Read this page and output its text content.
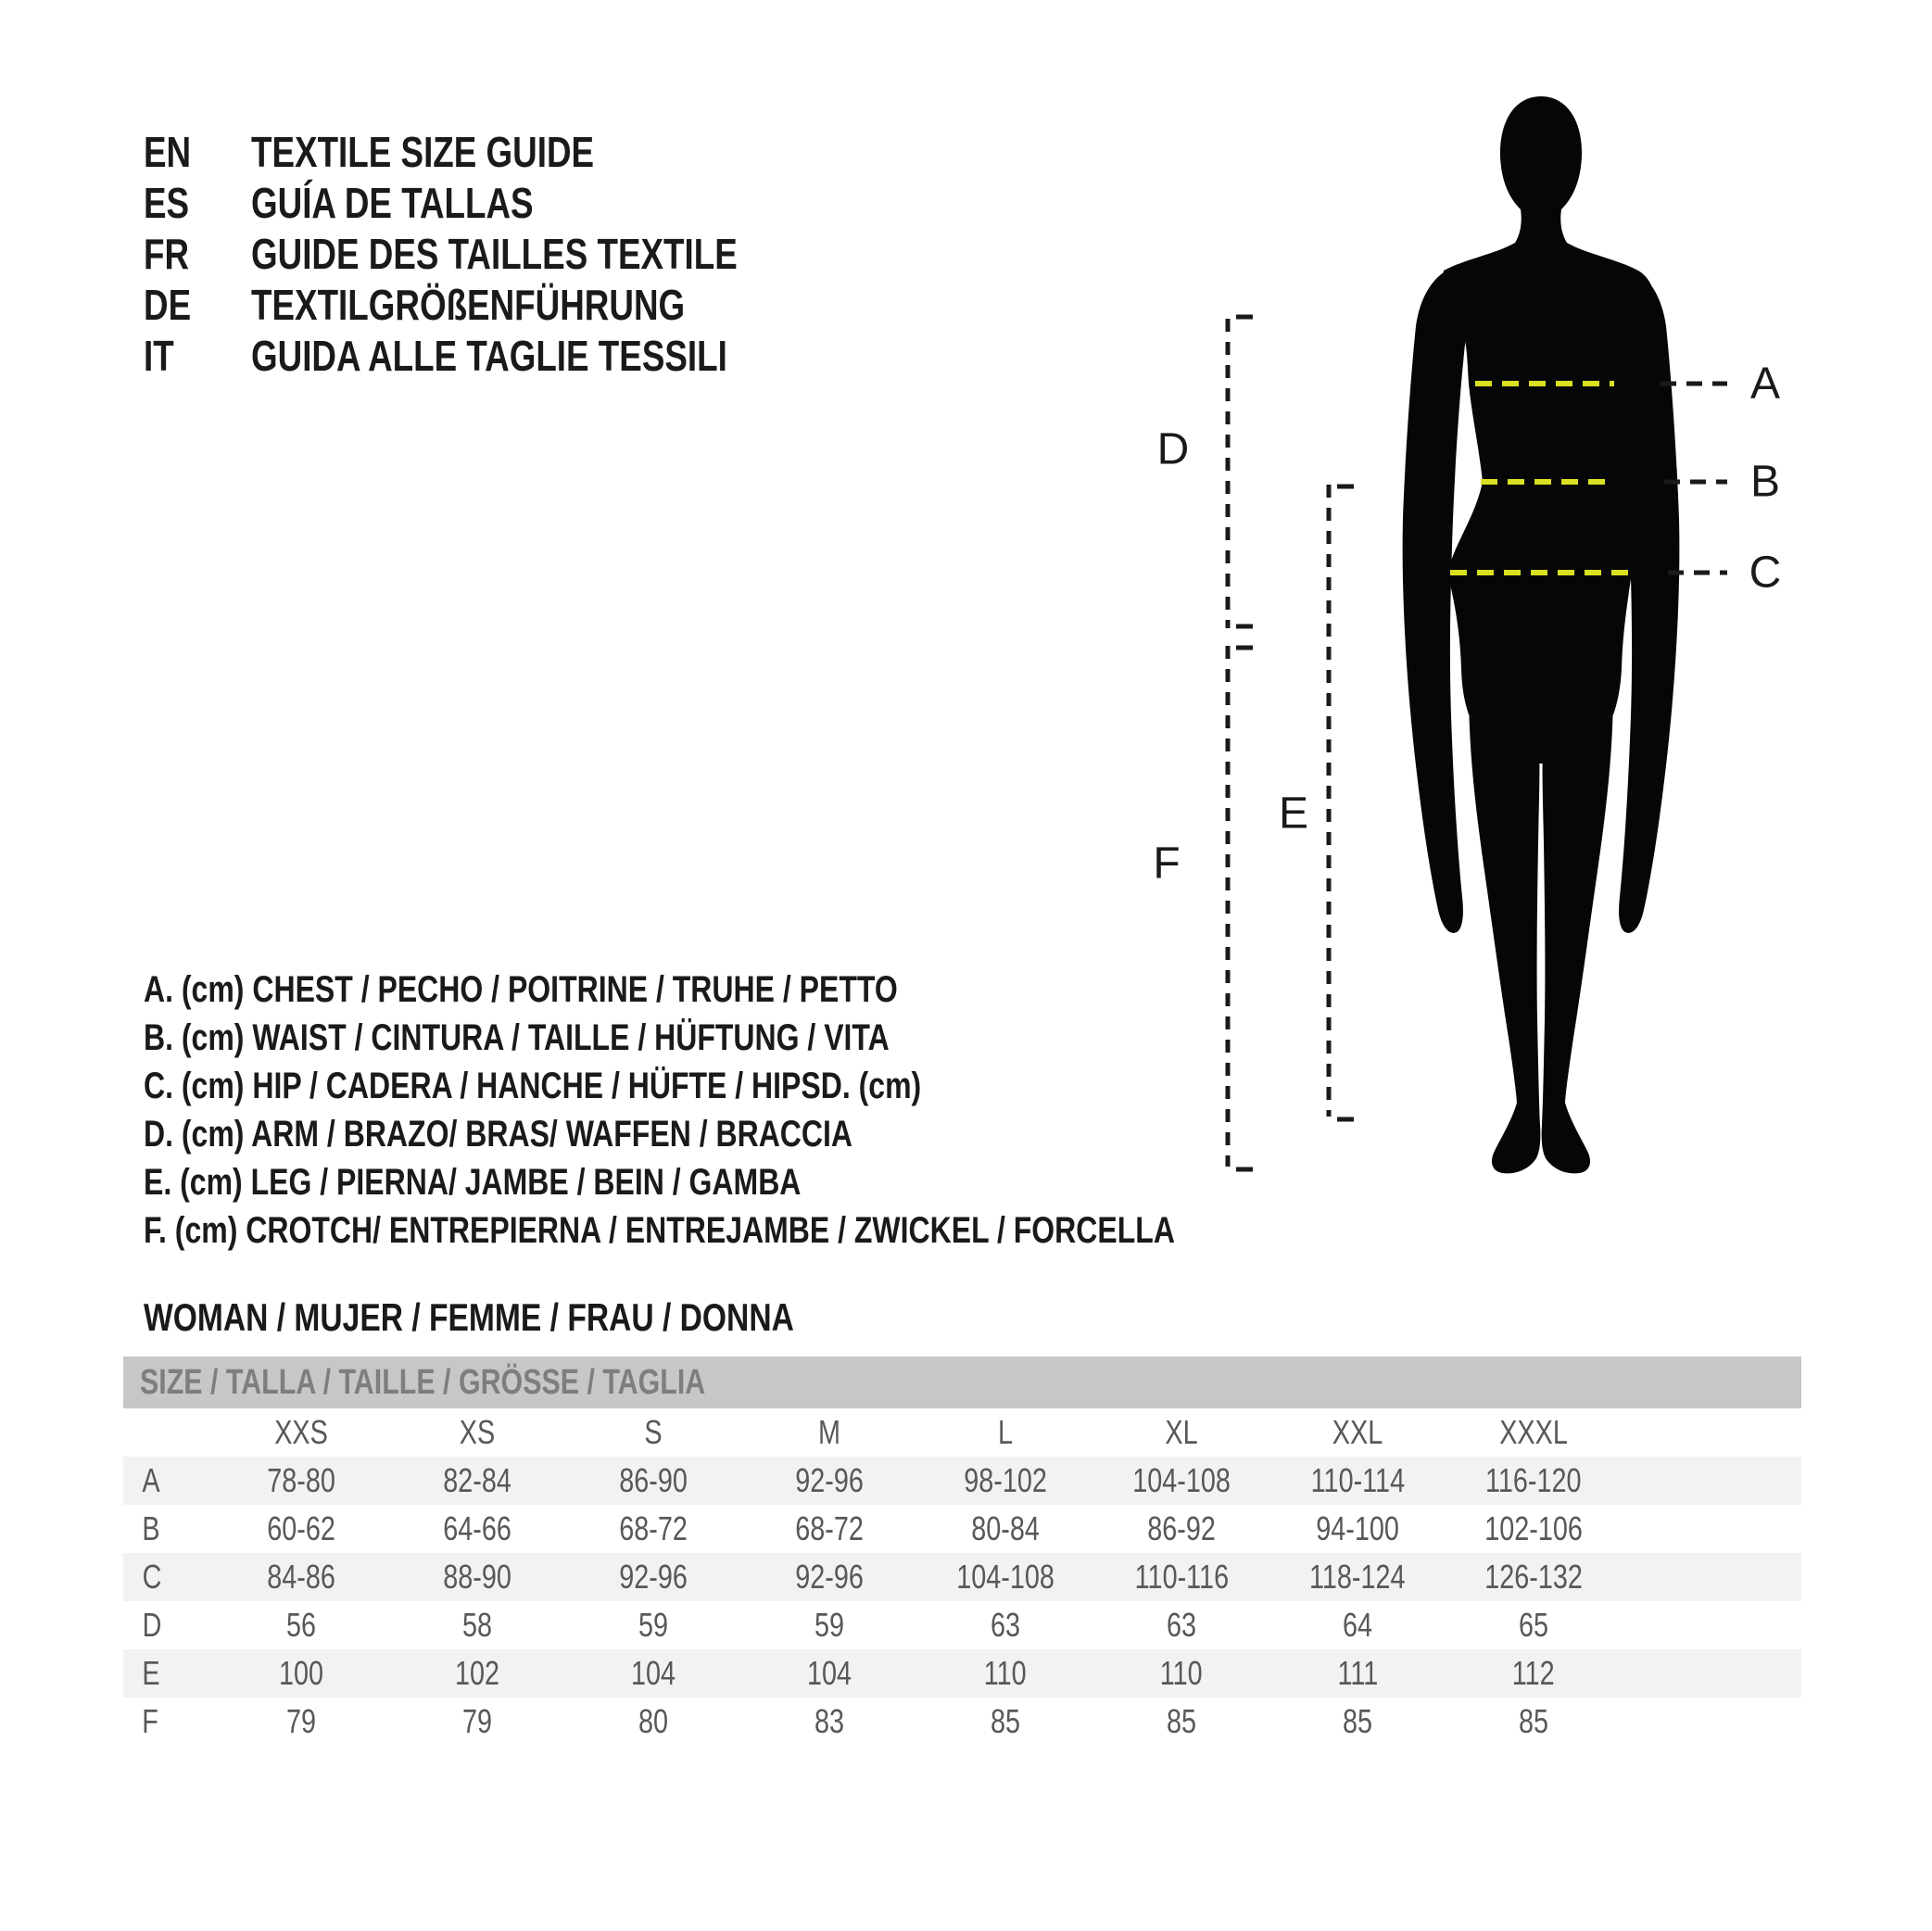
EN	TEXTILE SIZE GUIDE
ES	GUÍA DE TALLAS
FR	GUIDE DES TAILLES TEXTILE
DE	TEXTILGRÖßENFÜHRUNG
IT	GUIDA ALLE TAGLIE TESSILI
A. (cm) CHEST / PECHO / POITRINE / TRUHE / PETTO
B. (cm) WAIST / CINTURA / TAILLE / HÜFTUNG / VITA
C. (cm) HIP / CADERA / HANCHE / HÜFTE / HIPSD. (cm)
D. (cm) ARM / BRAZO/ BRAS/ WAFFEN / BRACCIA
E. (cm) LEG / PIERNA/ JAMBE / BEIN / GAMBA
F. (cm) CROTCH/ ENTREPIERNA / ENTREJAMBE / ZWICKEL / FORCELLA
WOMAN / MUJER / FEMME / FRAU / DONNA
A
B
C
D
E
F
SIZE / TALLA / TAILLE / GRÖSSE / TAGLIA
XXS	XS	S	M	L	XL	XXL	XXXL
A	78-80	82-84	86-90	92-96	98-102	104-108	110-114	116-120
B	60-62	64-66	68-72	68-72	80-84	86-92	94-100	102-106
C	84-86	88-90	92-96	92-96	104-108	110-116	118-124	126-132
D	56	58	59	59	63	63	64	65
E	100	102	104	104	110	110	111	112
F	79	79	80	83	85	85	85	85
